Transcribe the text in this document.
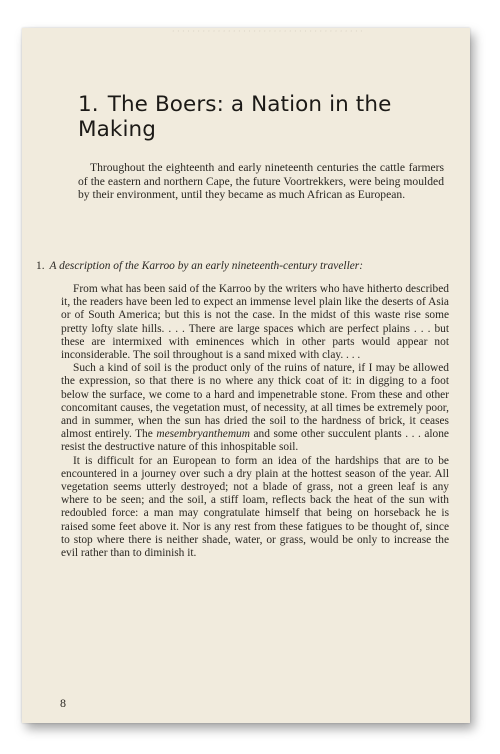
· · · · · · · · · · · · · · · · · · · · · · · · · · · · · · · · · · · · · ·
1. The Boers: a Nation in the Making

Throughout the eighteenth and early nineteenth centuries the cattle farmers of the eastern and northern Cape, the future Voortrekkers, were being moulded by their environment, until they became as much African as European.

1. A description of the Karroo by an early nineteenth-century traveller:

From what has been said of the Karroo by the writers who have hitherto described it, the readers have been led to expect an immense level plain like the deserts of Asia or of South America; but this is not the case. In the midst of this waste rise some pretty lofty slate hills. . . . There are large spaces which are perfect plains . . . but these are intermixed with eminences which in other parts would appear not inconsiderable. The soil throughout is a sand mixed with clay. . . .

Such a kind of soil is the product only of the ruins of nature, if I may be allowed the expression, so that there is no where any thick coat of it: in digging to a foot below the surface, we come to a hard and impenetrable stone. From these and other concomitant causes, the vegetation must, of necessity, at all times be extremely poor, and in summer, when the sun has dried the soil to the hardness of brick, it ceases almost entirely. The mesembryanthemum and some other succulent plants . . . alone resist the destructive nature of this inhospitable soil.

It is difficult for an European to form an idea of the hardships that are to be encountered in a journey over such a dry plain at the hottest season of the year. All vegetation seems utterly destroyed; not a blade of grass, not a green leaf is any where to be seen; and the soil, a stiff loam, reflects back the heat of the sun with redoubled force: a man may congratulate himself that being on horseback he is raised some feet above it. Nor is any rest from these fatigues to be thought of, since to stop where there is neither shade, water, or grass, would be only to increase the evil rather than to diminish it.

8
